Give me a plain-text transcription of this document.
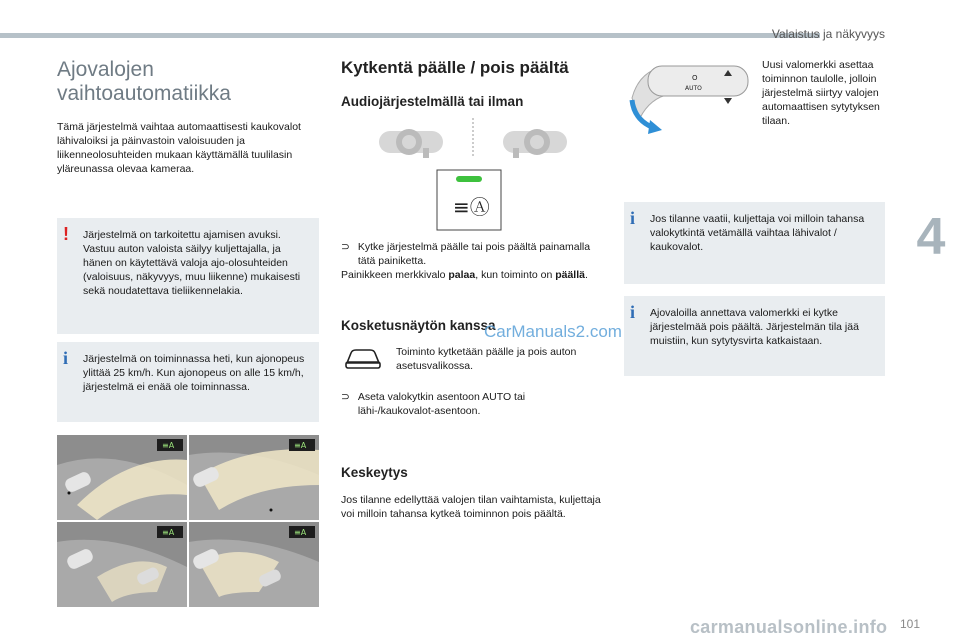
Valaistus ja näkyvyys
4
Ajovalojen vaihtoautomatiikka

Tämä järjestelmä vaihtaa automaattisesti kaukovalot lähivaloiksi ja päinvastoin valoisuuden ja liikenneolosuhteiden mukaan käyttämällä tuulilasin yläreunassa olevaa kameraa.

! Järjestelmä on tarkoitettu ajamisen avuksi. Vastuu auton valoista säilyy kuljettajalla, ja hänen on käytettävä valoja ajo-olosuhteiden (valoisuus, näkyvyys, muu liikenne) mukaisesti sekä noudatettava tieliikennelakia.
i Järjestelmä on toiminnassa heti, kun ajonopeus ylittää 25 km/h. Kun ajonopeus on alle 15 km/h, järjestelmä ei enää ole toiminnassa.
≡A	≡A
≡A	≡A
Kytkentä päälle / pois päältä
Audiojärjestelmällä tai ilman
≡Ⓐ
⊃ Kytke järjestelmä päälle tai pois päältä painamalla tätä painiketta.
Painikkeen merkkivalo palaa, kun toiminto on päällä.
Kosketusnäytön kanssa
Toiminto kytketään päälle ja pois auton asetusvalikossa.
⊃ Aseta valokytkin asentoon AUTO tai lähi-/kaukovalot-asentoon.
Keskeytys
Jos tilanne edellyttää valojen tilan vaihtamista, kuljettaja voi milloin tahansa kytkeä toiminnon pois päältä.
O
AUTO
Uusi valomerkki asettaa toiminnon taulolle, jolloin järjestelmä siirtyy valojen automaattisen sytytyksen tilaan.
i Jos tilanne vaatii, kuljettaja voi milloin tahansa valokytkintä vetämällä vaihtaa lähivalot / kaukovalot.
i Ajovaloilla annettava valomerkki ei kytke järjestelmää pois päältä. Järjestelmän tila jää muistiin, kun sytytysvirta katkaistaan.
CarManuals2.com
carmanualsonline.info 101
